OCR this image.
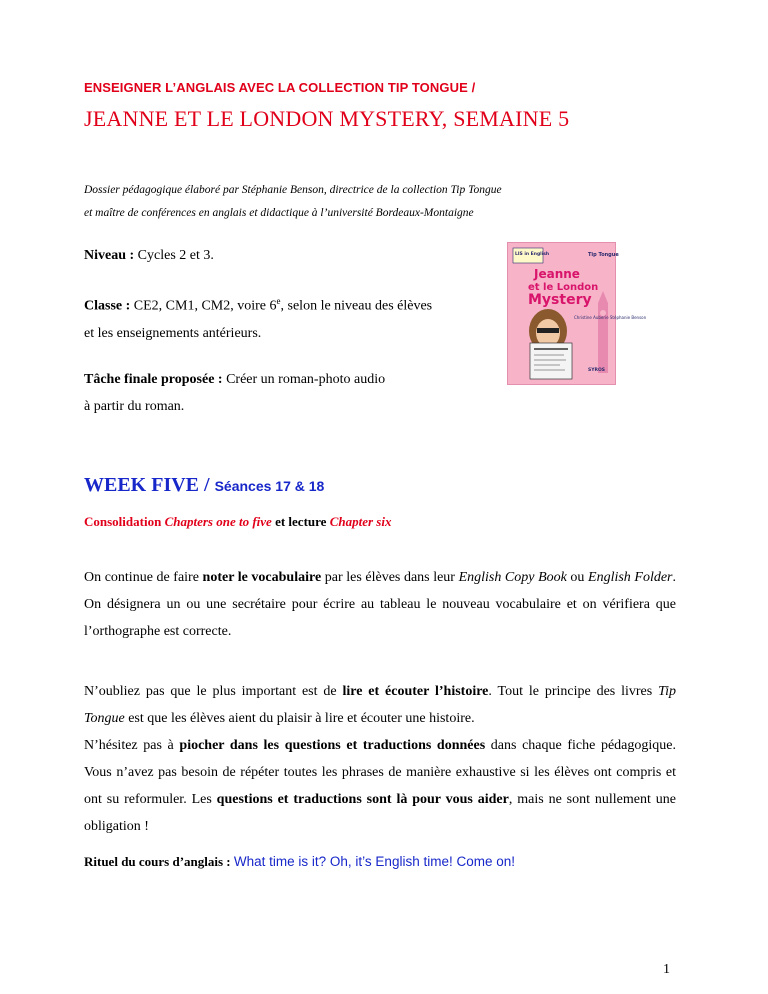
ENSEIGNER L’ANGLAIS AVEC LA COLLECTION TIP TONGUE /
JEANNE ET LE LONDON MYSTERY, SEMAINE 5
Dossier pédagogique élaboré par Stéphanie Benson, directrice de la collection Tip Tongue
et maître de conférences en anglais et didactique à l’université Bordeaux-Montaigne
Niveau : Cycles 2 et 3.
Classe : CE2, CM1, CM2, voire 6e, selon le niveau des élèves
et les enseignements antérieurs.
Tâche finale proposée : Créer un roman-photo audio
à partir du roman.
LIS in English	Tip Tongue
Jeanne
et le London
Mystery
Christine Auberie Stéphanie Benson
SYROS
WEEK FIVE / Séances 17 & 18
Consolidation Chapters one to five et lecture Chapter six
On continue de faire noter le vocabulaire par les élèves dans leur English Copy Book ou English Folder. On désignera un ou une secrétaire pour écrire au tableau le nouveau vocabulaire et on vérifiera que l’orthographe est correcte.
N’oubliez pas que le plus important est de lire et écouter l’histoire. Tout le principe des livres Tip Tongue est que les élèves aient du plaisir à lire et écouter une histoire.
N’hésitez pas à piocher dans les questions et traductions données dans chaque fiche pédagogique. Vous n’avez pas besoin de répéter toutes les phrases de manière exhaustive si les élèves ont compris et ont su reformuler. Les questions et traductions sont là pour vous aider, mais ne sont nullement une obligation !
Rituel du cours d’anglais : What time is it? Oh, it’s English time! Come on!
1
